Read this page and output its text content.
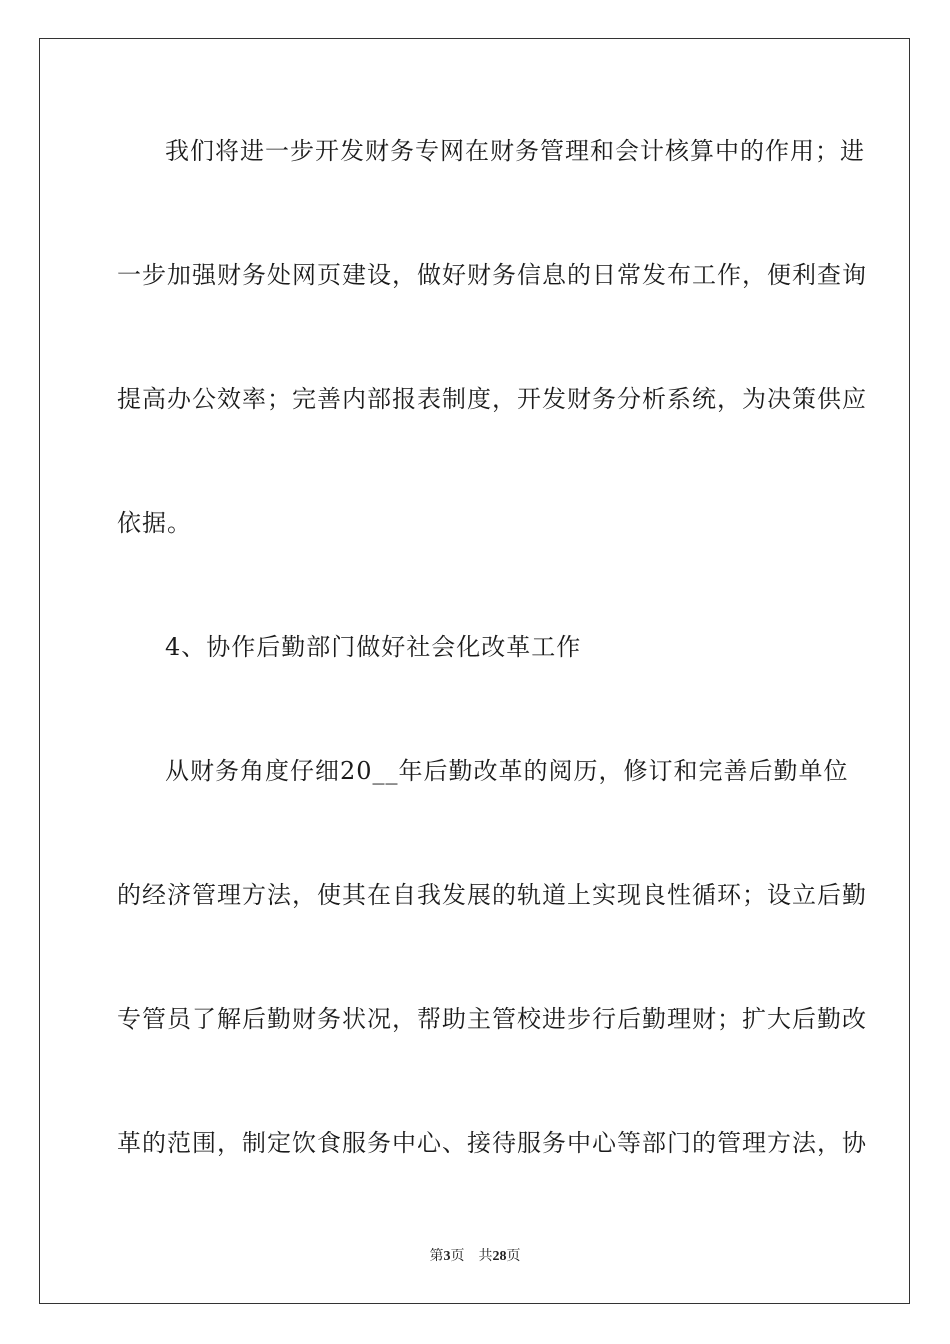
我们将进一步开发财务专网在财务管理和会计核算中的作用；进
一步加强财务处网页建设，做好财务信息的日常发布工作，便利查询
提高办公效率；完善内部报表制度，开发财务分析系统，为决策供应
依据。
4、协作后勤部门做好社会化改革工作
从财务角度仔细20__年后勤改革的阅历，修订和完善后勤单位
的经济管理方法，使其在自我发展的轨道上实现良性循环；设立后勤
专管员了解后勤财务状况，帮助主管校进步行后勤理财；扩大后勤改
革的范围，制定饮食服务中心、接待服务中心等部门的管理方法，协
第3页 共28页
